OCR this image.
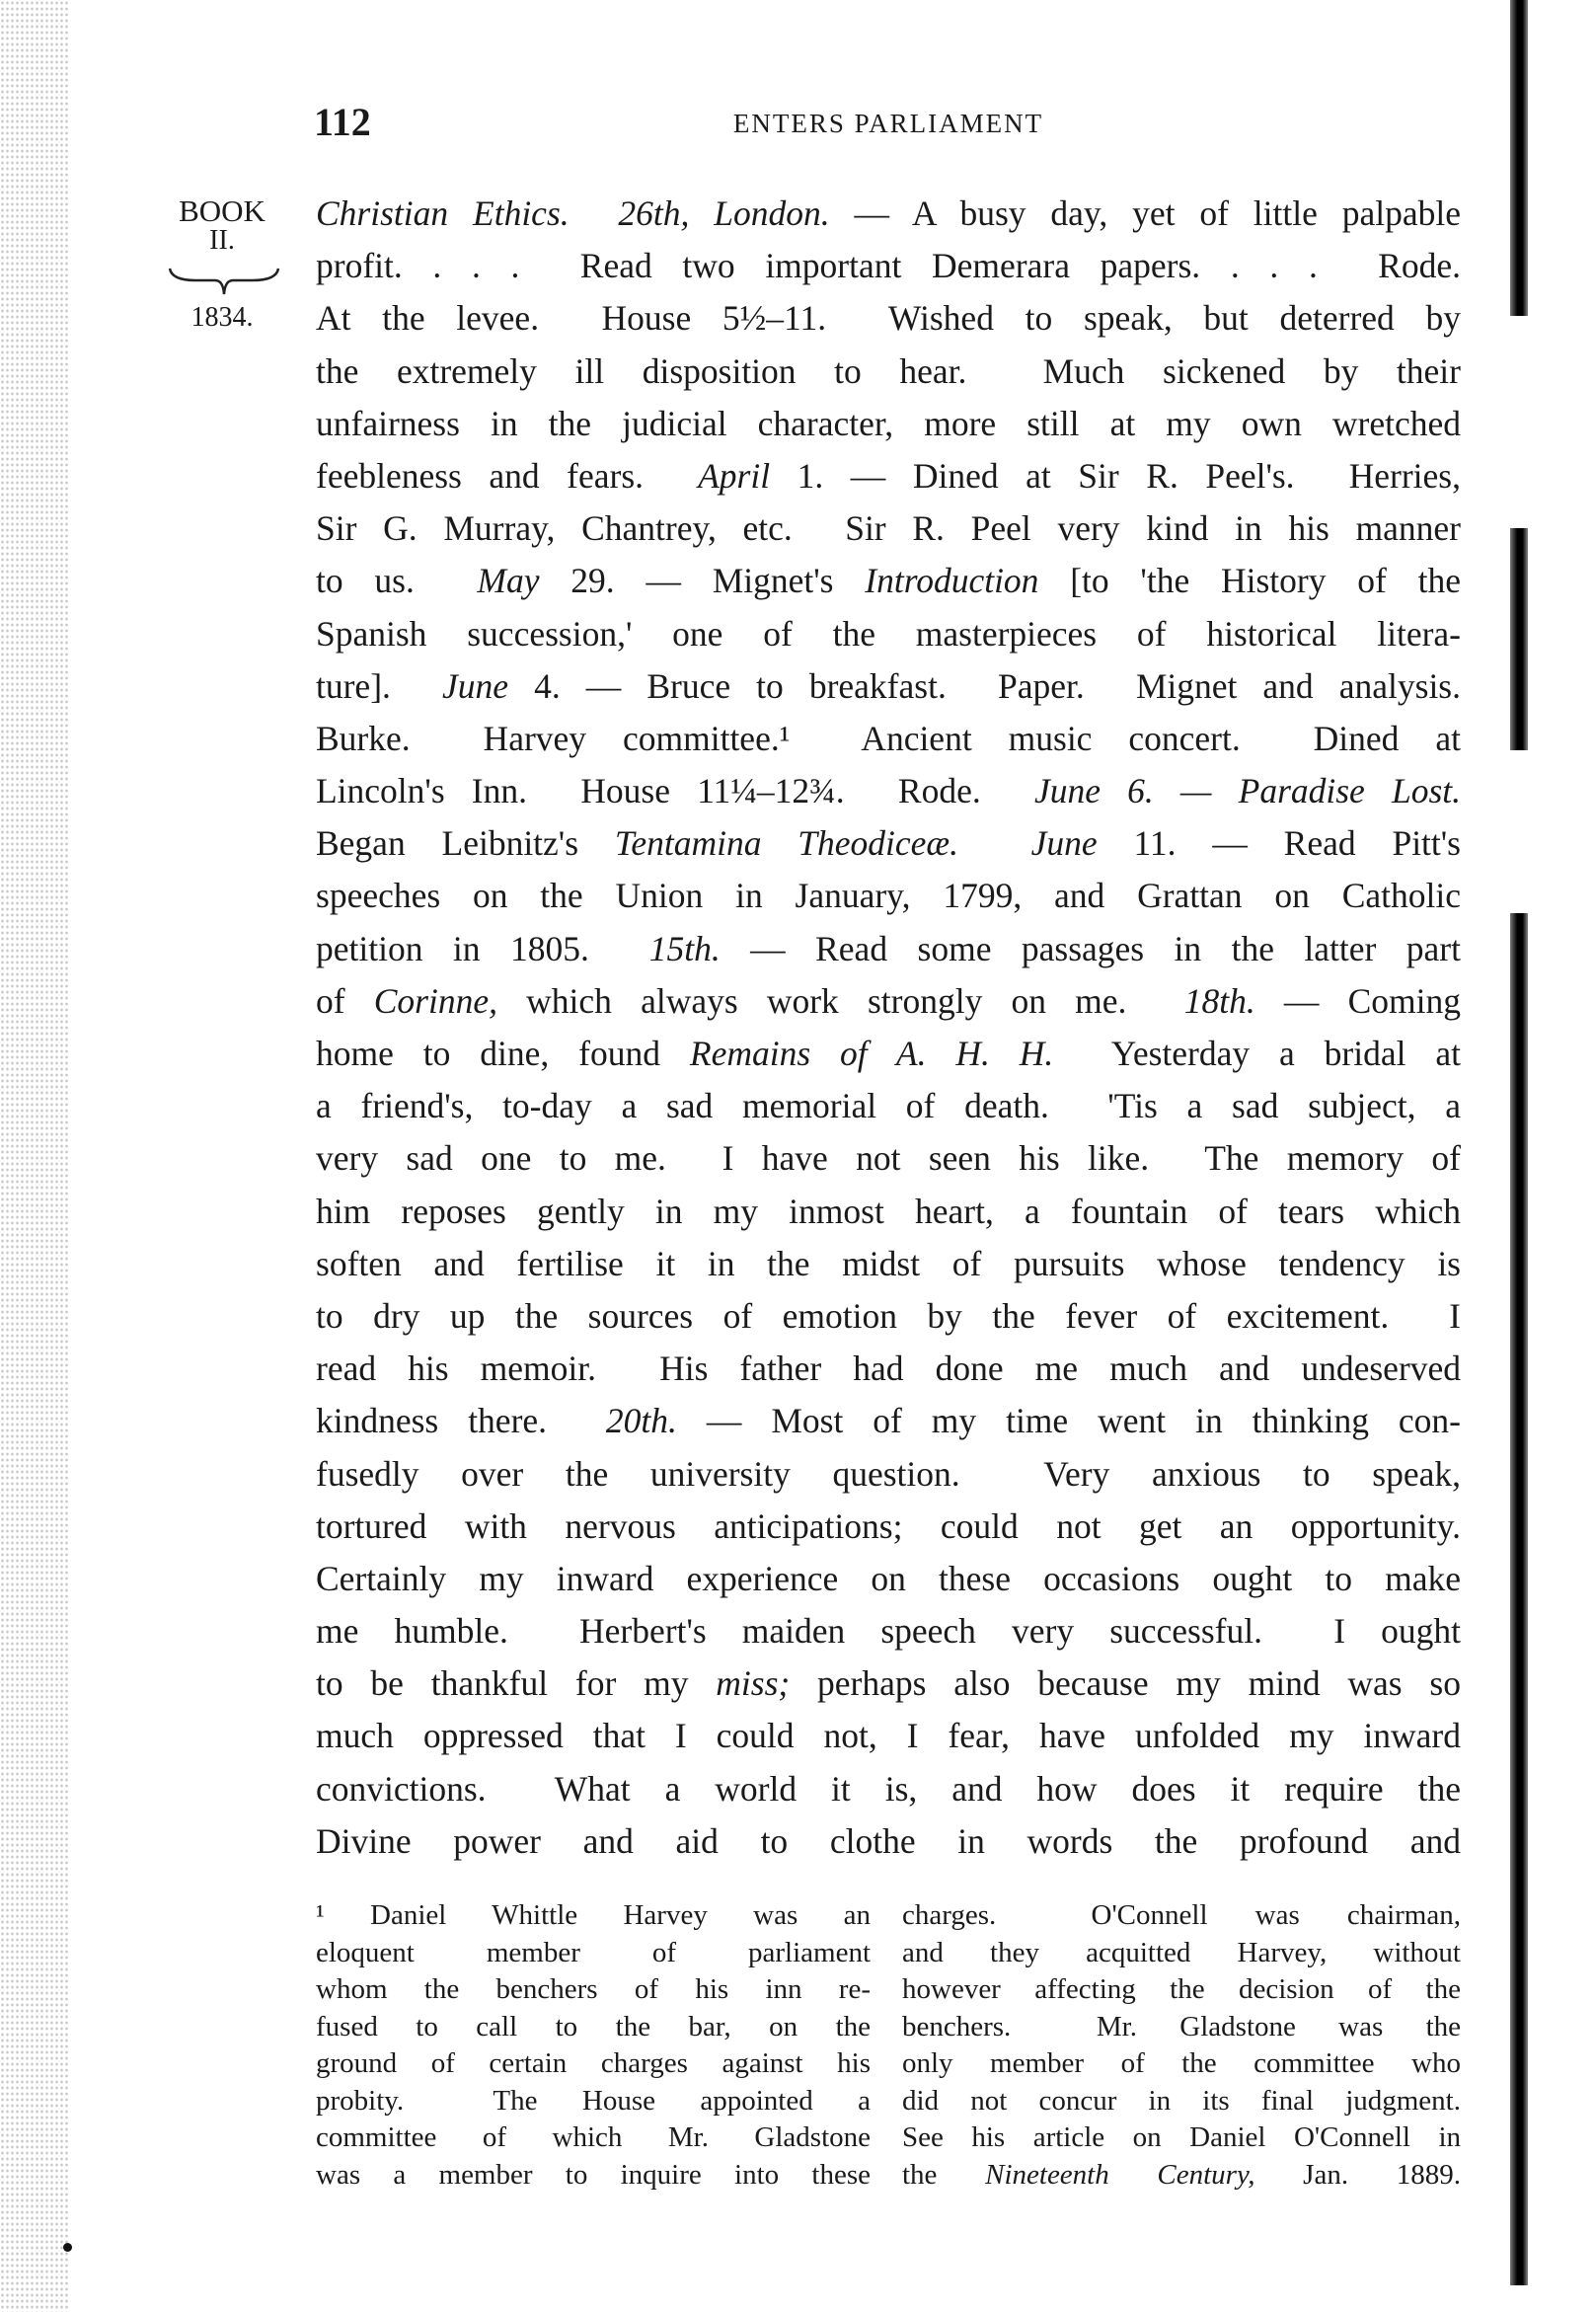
112	ENTERS PARLIAMENT
BOOK
II.
1834.
Christian Ethics. 26th, London. — A busy day, yet of little palpable
profit. . . .  Read two important Demerara papers. . . .  Rode.
At the levee.  House 5½–11.  Wished to speak, but deterred by
the extremely ill disposition to hear.  Much sickened by their
unfairness in the judicial character, more still at my own wretched
feebleness and fears.  April 1. — Dined at Sir R. Peel's.  Herries,
Sir G. Murray, Chantrey, etc.  Sir R. Peel very kind in his manner
to us.  May 29. — Mignet's Introduction [to 'the History of the
Spanish succession,' one of the masterpieces of historical litera-
ture].  June 4. — Bruce to breakfast.  Paper.  Mignet and analysis.
Burke.  Harvey committee.¹  Ancient music concert.  Dined at
Lincoln's Inn.  House 11¼–12¾.  Rode.  June 6. — Paradise Lost.
Began Leibnitz's Tentamina Theodiceæ. June 11. — Read Pitt's
speeches on the Union in January, 1799, and Grattan on Catholic
petition in 1805.  15th. — Read some passages in the latter part
of Corinne, which always work strongly on me.  18th. — Coming
home to dine, found Remains of A. H. H.  Yesterday a bridal at
a friend's, to-day a sad memorial of death.  'Tis a sad subject, a
very sad one to me.  I have not seen his like.  The memory of
him reposes gently in my inmost heart, a fountain of tears which
soften and fertilise it in the midst of pursuits whose tendency is
to dry up the sources of emotion by the fever of excitement.  I
read his memoir.  His father had done me much and undeserved
kindness there.  20th. — Most of my time went in thinking con-
fusedly over the university question.  Very anxious to speak,
tortured with nervous anticipations; could not get an opportunity.
Certainly my inward experience on these occasions ought to make
me humble.  Herbert's maiden speech very successful.  I ought
to be thankful for my miss; perhaps also because my mind was so
much oppressed that I could not, I fear, have unfolded my inward
convictions.  What a world it is, and how does it require the
Divine power and aid to clothe in words the profound and
¹ Daniel Whittle Harvey was an
eloquent member of parliament
whom the benchers of his inn re-
fused to call to the bar, on the
ground of certain charges against his
probity.  The House appointed a
committee of which Mr. Gladstone
was a member to inquire into these
charges.  O'Connell was chairman,
and they acquitted Harvey, without
however affecting the decision of the
benchers.  Mr. Gladstone was the
only member of the committee who
did not concur in its final judgment.
See his article on Daniel O'Connell in
the Nineteenth Century, Jan. 1889.
